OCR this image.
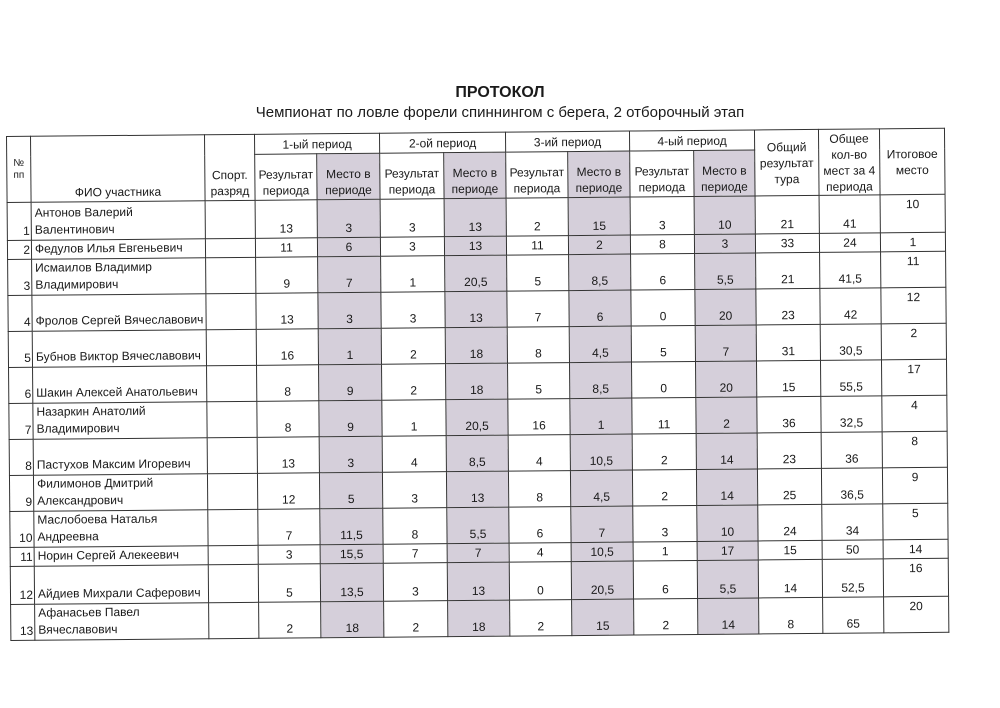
ПРОТОКОЛ
Чемпионат по ловле форели спиннингом с берега, 2 отборочный этап
№ пп	ФИО участника	Спорт. разряд	1-ый период		2-ой период		3-ий период		4-ый период		Общий результат тура	Общее кол-во мест за 4 периода	Итоговое место
			Результат периода	Место в периоде	Результат периода	Место в периоде	Результат периода	Место в периоде	Результат периода	Место в периоде			
1	Антонов Валерий Валентинович		13	3	3	13	2	15	3	10	21	41	10
2	Федулов Илья Евгеньевич		11	6	3	13	11	2	8	3	33	24	1
3	Исмаилов Владимир Владимирович		9	7	1	20,5	5	8,5	6	5,5	21	41,5	11
4	Фролов Сергей Вячеславович		13	3	3	13	7	6	0	20	23	42	12
5	Бубнов Виктор Вячеславович		16	1	2	18	8	4,5	5	7	31	30,5	2
6	Шакин Алексей Анатольевич		8	9	2	18	5	8,5	0	20	15	55,5	17
7	Назаркин Анатолий Владимирович		8	9	1	20,5	16	1	11	2	36	32,5	4
8	Пастухов Максим Игоревич		13	3	4	8,5	4	10,5	2	14	23	36	8
9	Филимонов Дмитрий Александрович		12	5	3	13	8	4,5	2	14	25	36,5	9
10	Маслобоева Наталья Андреевна		7	11,5	8	5,5	6	7	3	10	24	34	5
11	Норин Сергей Алекеевич		3	15,5	7	7	4	10,5	1	17	15	50	14
12	Айдиев Михрали Саферович		5	13,5	3	13	0	20,5	6	5,5	14	52,5	16
13	Афанасьев Павел Вячеславович		2	18	2	18	2	15	2	14	8	65	20
